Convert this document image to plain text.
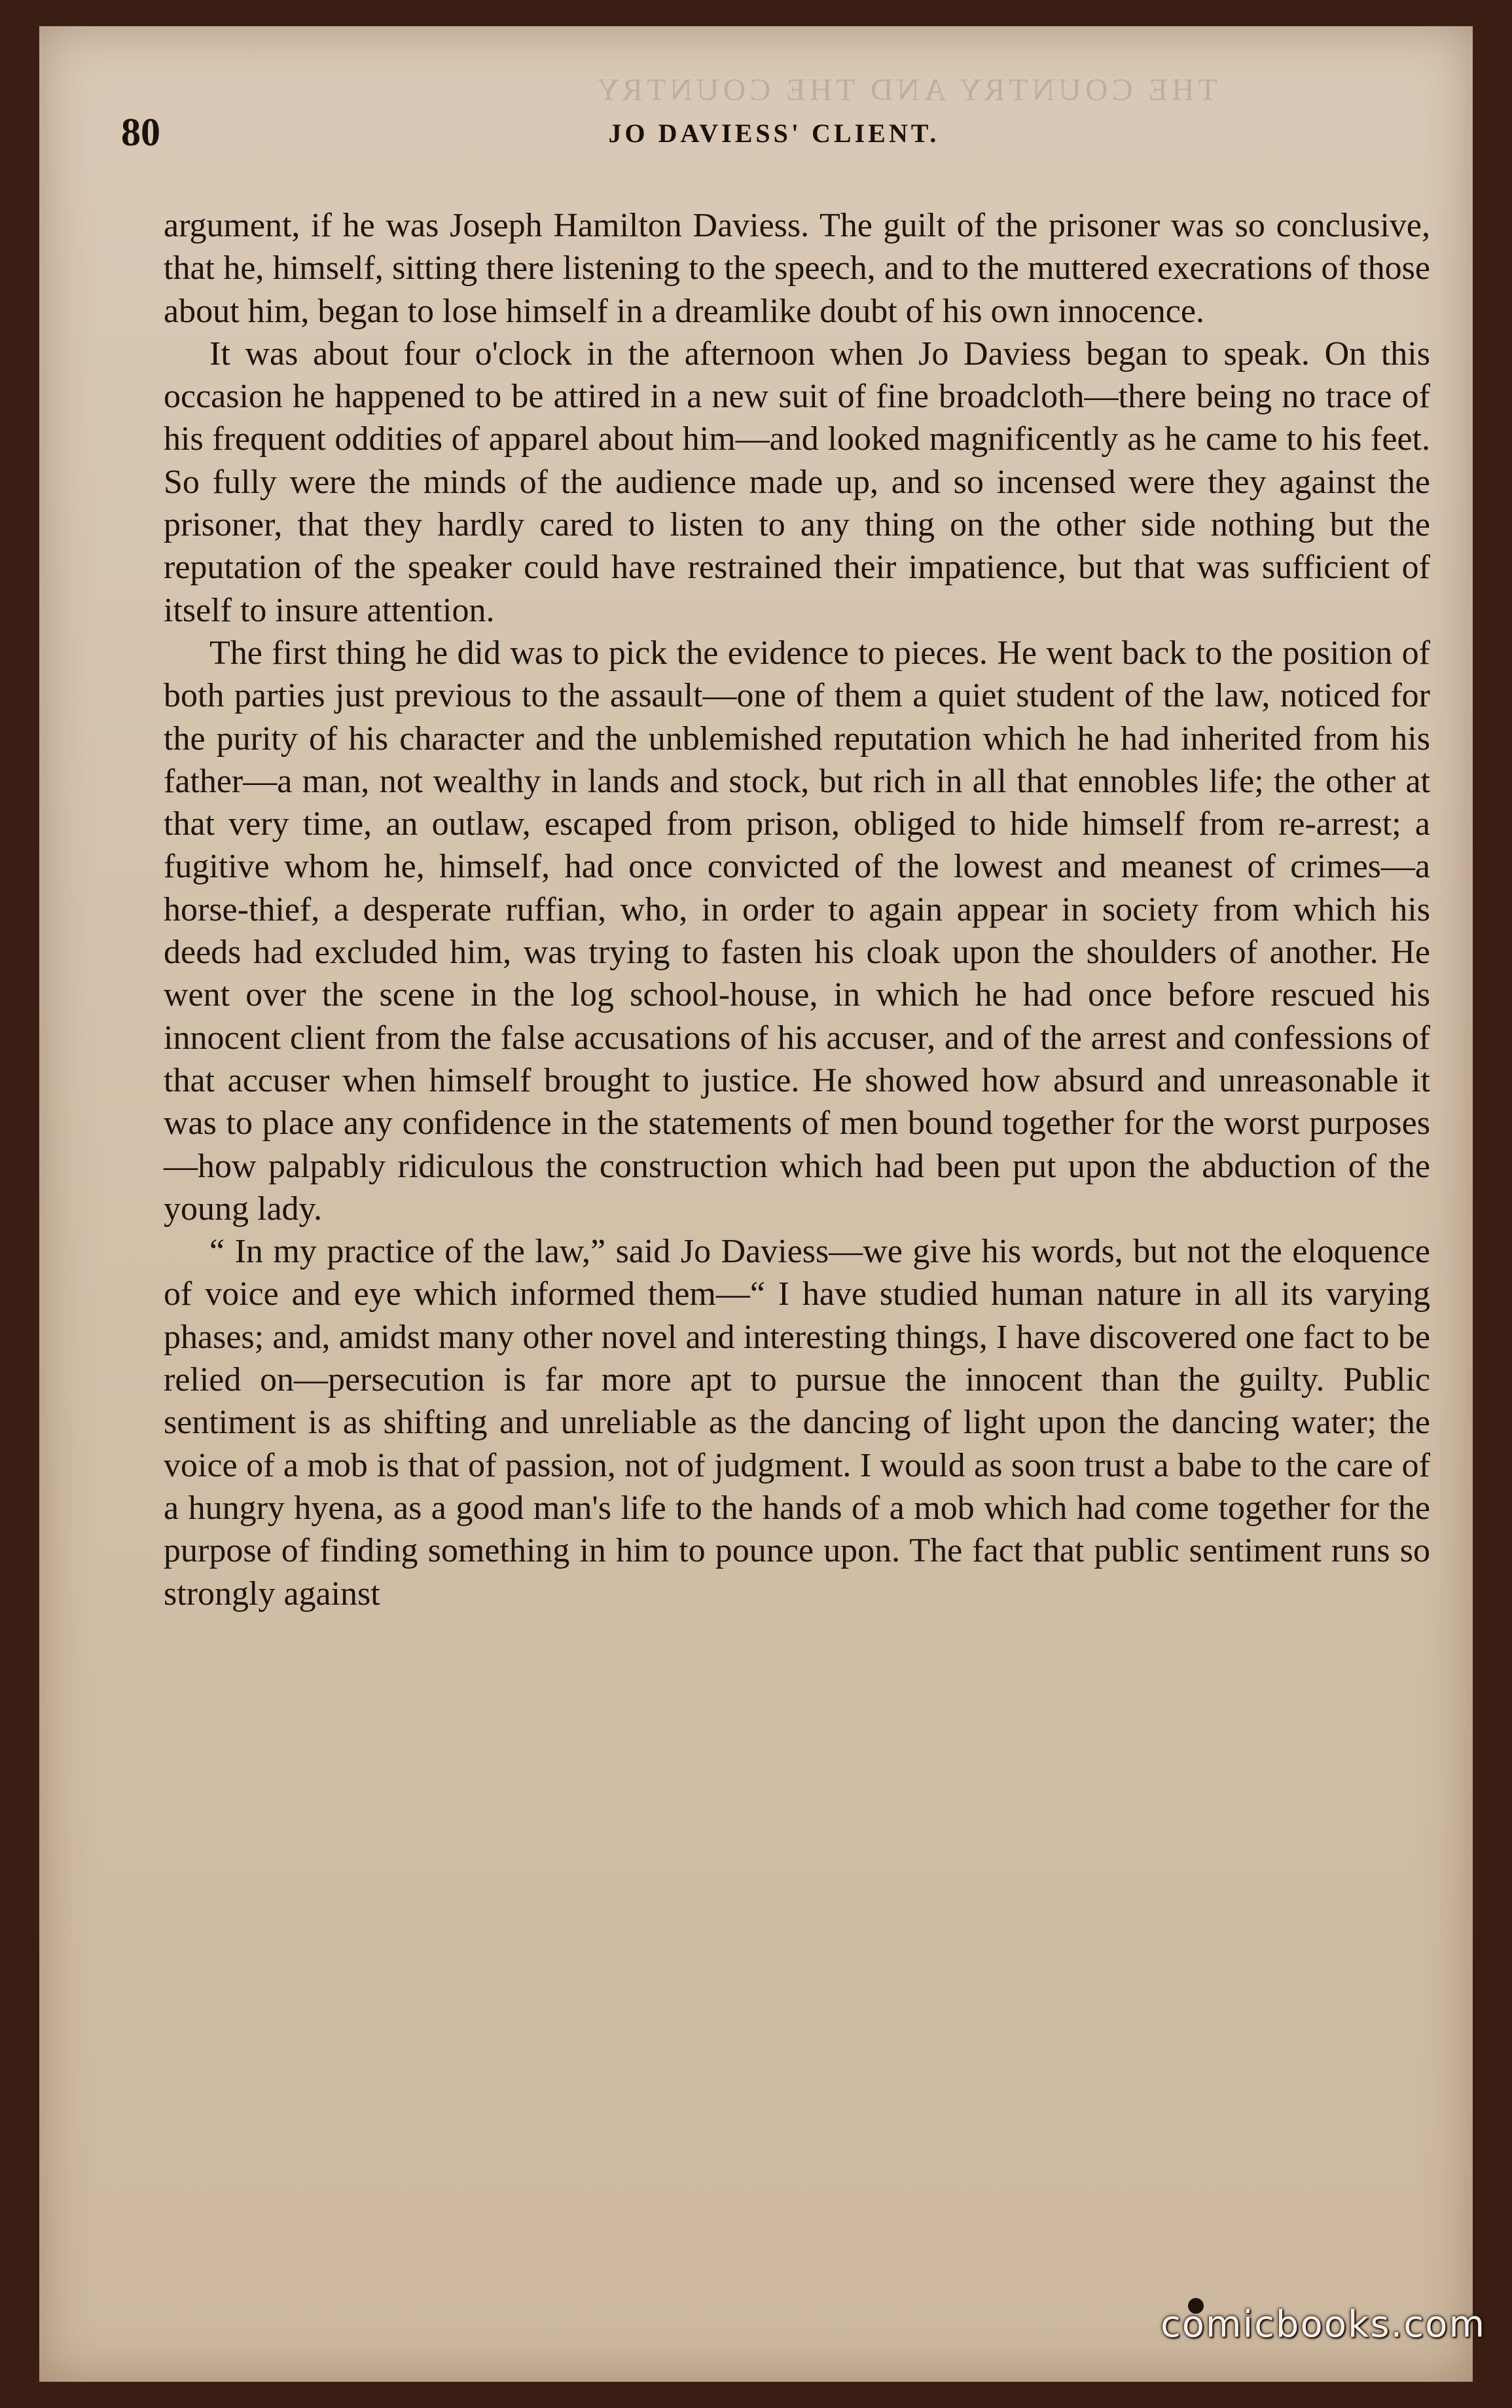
THE COUNTRY AND THE COUNTRY
80	JO DAVIESS' CLIENT.

argument, if he was Joseph Hamilton Daviess. The guilt of the prisoner was so conclusive, that he, himself, sitting there listening to the speech, and to the muttered execrations of those about him, began to lose himself in a dreamlike doubt of his own innocence.

It was about four o'clock in the afternoon when Jo Daviess began to speak. On this occasion he happened to be attired in a new suit of fine broadcloth—there being no trace of his frequent oddities of apparel about him—and looked magnificently as he came to his feet. So fully were the minds of the audience made up, and so incensed were they against the prisoner, that they hardly cared to listen to any thing on the other side nothing but the reputation of the speaker could have restrained their impatience, but that was sufficient of itself to insure attention.

The first thing he did was to pick the evidence to pieces. He went back to the position of both parties just previous to the assault—one of them a quiet student of the law, noticed for the purity of his character and the unblemished reputation which he had inherited from his father—a man, not wealthy in lands and stock, but rich in all that ennobles life; the other at that very time, an outlaw, escaped from prison, obliged to hide himself from re-arrest; a fugitive whom he, himself, had once convicted of the lowest and meanest of crimes—a horse-thief, a desperate ruffian, who, in order to again appear in society from which his deeds had excluded him, was trying to fasten his cloak upon the shoulders of another. He went over the scene in the log school-house, in which he had once before rescued his innocent client from the false accusations of his accuser, and of the arrest and confessions of that accuser when himself brought to justice. He showed how absurd and unreasonable it was to place any confidence in the statements of men bound together for the worst purposes—how palpably ridiculous the construction which had been put upon the abduction of the young lady.

“ In my practice of the law,” said Jo Daviess—we give his words, but not the eloquence of voice and eye which informed them—“ I have studied human nature in all its varying phases; and, amidst many other novel and interesting things, I have discovered one fact to be relied on—persecution is far more apt to pursue the innocent than the guilty. Public sentiment is as shifting and unreliable as the dancing of light upon the dancing water; the voice of a mob is that of passion, not of judgment. I would as soon trust a babe to the care of a hungry hyena, as a good man's life to the hands of a mob which had come together for the purpose of finding something in him to pounce upon. The fact that public sentiment runs so strongly against

comicbooks.com
